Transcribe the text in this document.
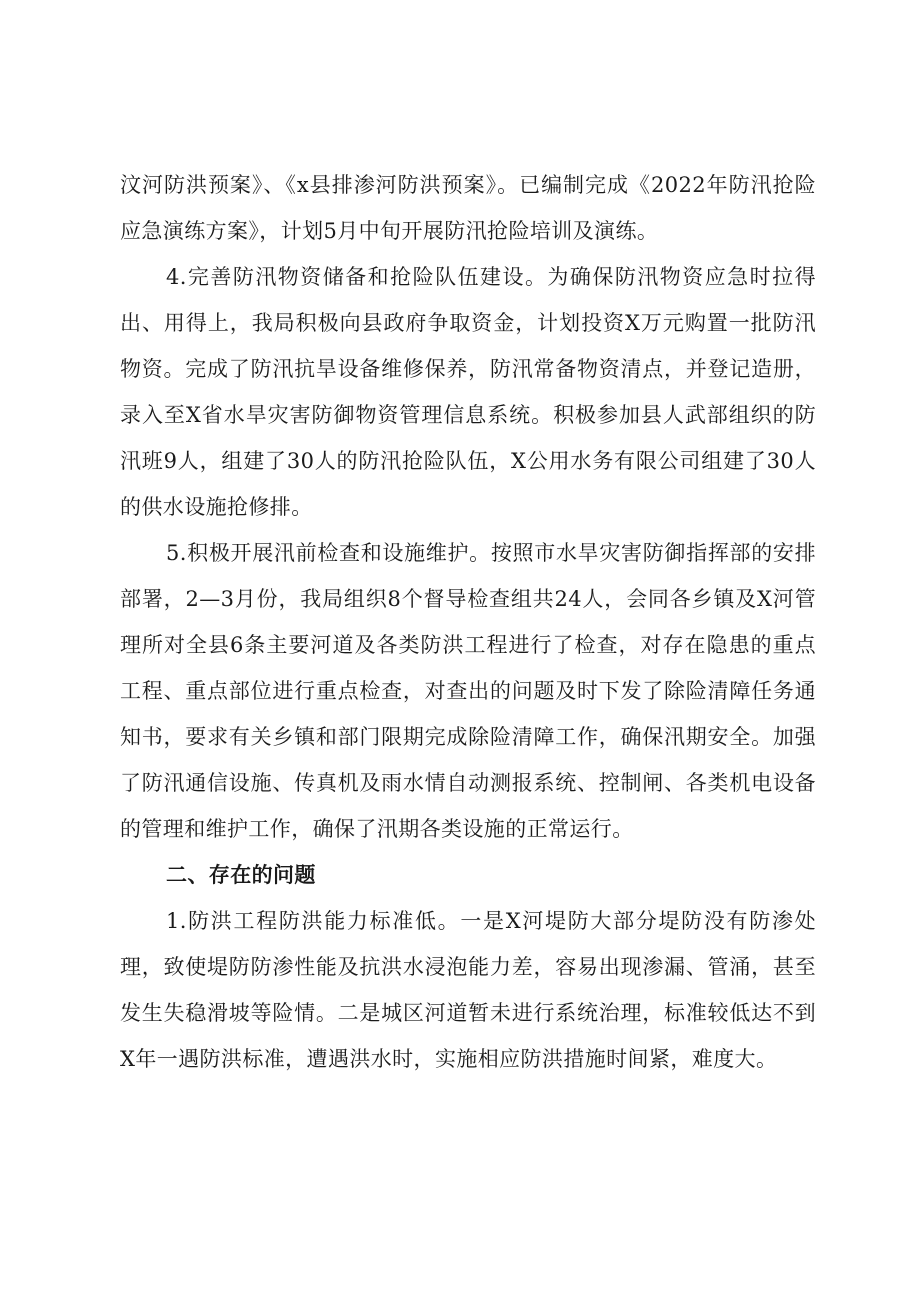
汶河防洪预案》、《x县排渗河防洪预案》。已编制完成《2022年防汛抢险应急演练方案》，计划5月中旬开展防汛抢险培训及演练。

4.完善防汛物资储备和抢险队伍建设。为确保防汛物资应急时拉得出、用得上，我局积极向县政府争取资金，计划投资X万元购置一批防汛物资。完成了防汛抗旱设备维修保养，防汛常备物资清点，并登记造册，录入至X省水旱灾害防御物资管理信息系统。积极参加县人武部组织的防汛班9人，组建了30人的防汛抢险队伍，X公用水务有限公司组建了30人的供水设施抢修排。

5.积极开展汛前检查和设施维护。按照市水旱灾害防御指挥部的安排部署，2—3月份，我局组织8个督导检查组共24人，会同各乡镇及X河管理所对全县6条主要河道及各类防洪工程进行了检查，对存在隐患的重点工程、重点部位进行重点检查，对查出的问题及时下发了除险清障任务通知书，要求有关乡镇和部门限期完成除险清障工作，确保汛期安全。加强了防汛通信设施、传真机及雨水情自动测报系统、控制闸、各类机电设备的管理和维护工作，确保了汛期各类设施的正常运行。

二、存在的问题

1.防洪工程防洪能力标准低。一是X河堤防大部分堤防没有防渗处理，致使堤防防渗性能及抗洪水浸泡能力差，容易出现渗漏、管涌，甚至发生失稳滑坡等险情。二是城区河道暂未进行系统治理，标准较低达不到X年一遇防洪标准，遭遇洪水时，实施相应防洪措施时间紧，难度大。
